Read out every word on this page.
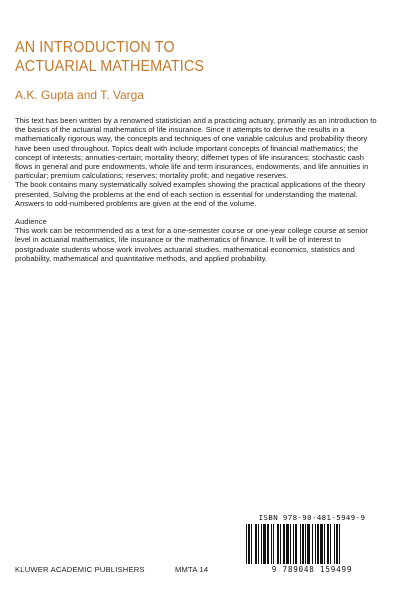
AN INTRODUCTION TO
ACTUARIAL MATHEMATICS

A.K. Gupta and T. Varga

This text has been written by a renowned statistician and a practicing actuary, primarily as an introduction to the basics of the actuarial mathematics of life insurance. Since it attempts to derive the results in a mathematically rigorous way, the concepts and techniques of one variable calculus and probability theory have been used throughout. Topics dealt with include important concepts of financial mathematics; the concept of interests; annuities-certain; mortality theory; differnet types of life insurances; stochastic cash flows in general and pure endowments, whole life and term insurances, endowments, and life annuities in particular; premium calculations; reserves; mortality profit; and negative reserves.

The book contains many systematically solved examples showing the practical applications of the theory presented. Solving the problems at the end of each section is essential for understanding the material. Answers to odd-numbered problems are given at the end of the volume.

Audience

This work can be recommended as a text for a one-semester course or one-year college course at senior level in actuarial mathematics, life insurance or the mathematics of finance. It will be of interest to postgraduate students whose work involves actuarial studies, mathematical economics, statistics and probability, mathematical and quantitative methods, and applied probability.

ISBN 978-90-481-5949-9
9 789048 159499
KLUWER ACADEMIC PUBLISHERS	MMTA 14
